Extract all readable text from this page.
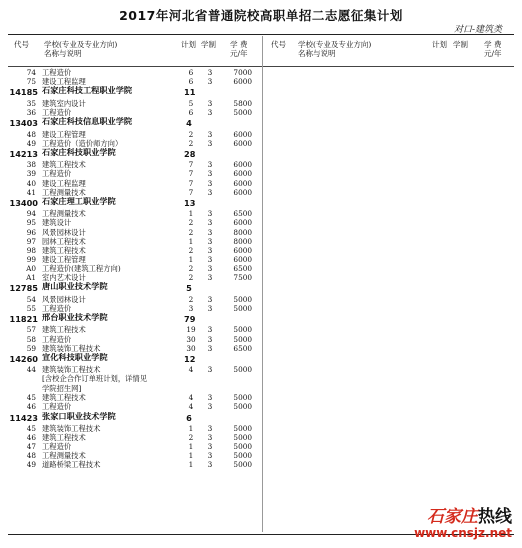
2017年河北省普通院校高职单招二志愿征集计划
对口-建筑类
代号 学校(专业及专业方向)
名称与说明
计划 学制 学 费
元/年
代号 学校(专业及专业方向)
名称与说明
计划 学制 学 费
元/年
74 工程造价	6	3	7000
75 建设工程监理	6	3	6000
14185 石家庄科技工程职业学院	11
35 建筑室内设计	5	3	5800
36 工程造价	6	3	5000
13403 石家庄科技信息职业学院	4
48 建设工程管理	2	3	6000
49 工程造价（造价师方向）	2	3	6000
14213 石家庄科技职业学院	28
38 建筑工程技术	7	3	6000
39 工程造价	7	3	6000
40 建设工程监理	7	3	6000
41 工程测量技术	7	3	6000
13400 石家庄理工职业学院	13
94 工程测量技术	1	3	6500
95 建筑设计	2	3	6000
96 风景园林设计	2	3	8000
97 园林工程技术	1	3	8000
98 建筑工程技术	2	3	6000
99 建设工程管理	1	3	6000
A0 工程造价(建筑工程方向)	2	3	6500
A1 室内艺术设计	2	3	7500
12785 唐山职业技术学院	5
54 风景园林设计	2	3	5000
55 工程造价	3	3	5000
11821 邢台职业技术学院	79
57 建筑工程技术	19	3	5000
58 工程造价	30	3	5000
59 建筑装饰工程技术	30	3	6500
14260 宣化科技职业学院	12
44 建筑装饰工程技术
[含校企合作订单班计划，详情见
学院招生网]
4	3	5000
45 建筑工程技术	4	3	5000
46 工程造价	4	3	5000
11423 张家口职业技术学院	6
45 建筑装饰工程技术	1	3	5000
46 建筑工程技术	2	3	5000
47 工程造价	1	3	5000
48 工程测量技术	1	3	5000
49 道路桥梁工程技术	1	3	5000
石家庄热线
www.cnsjz.net
